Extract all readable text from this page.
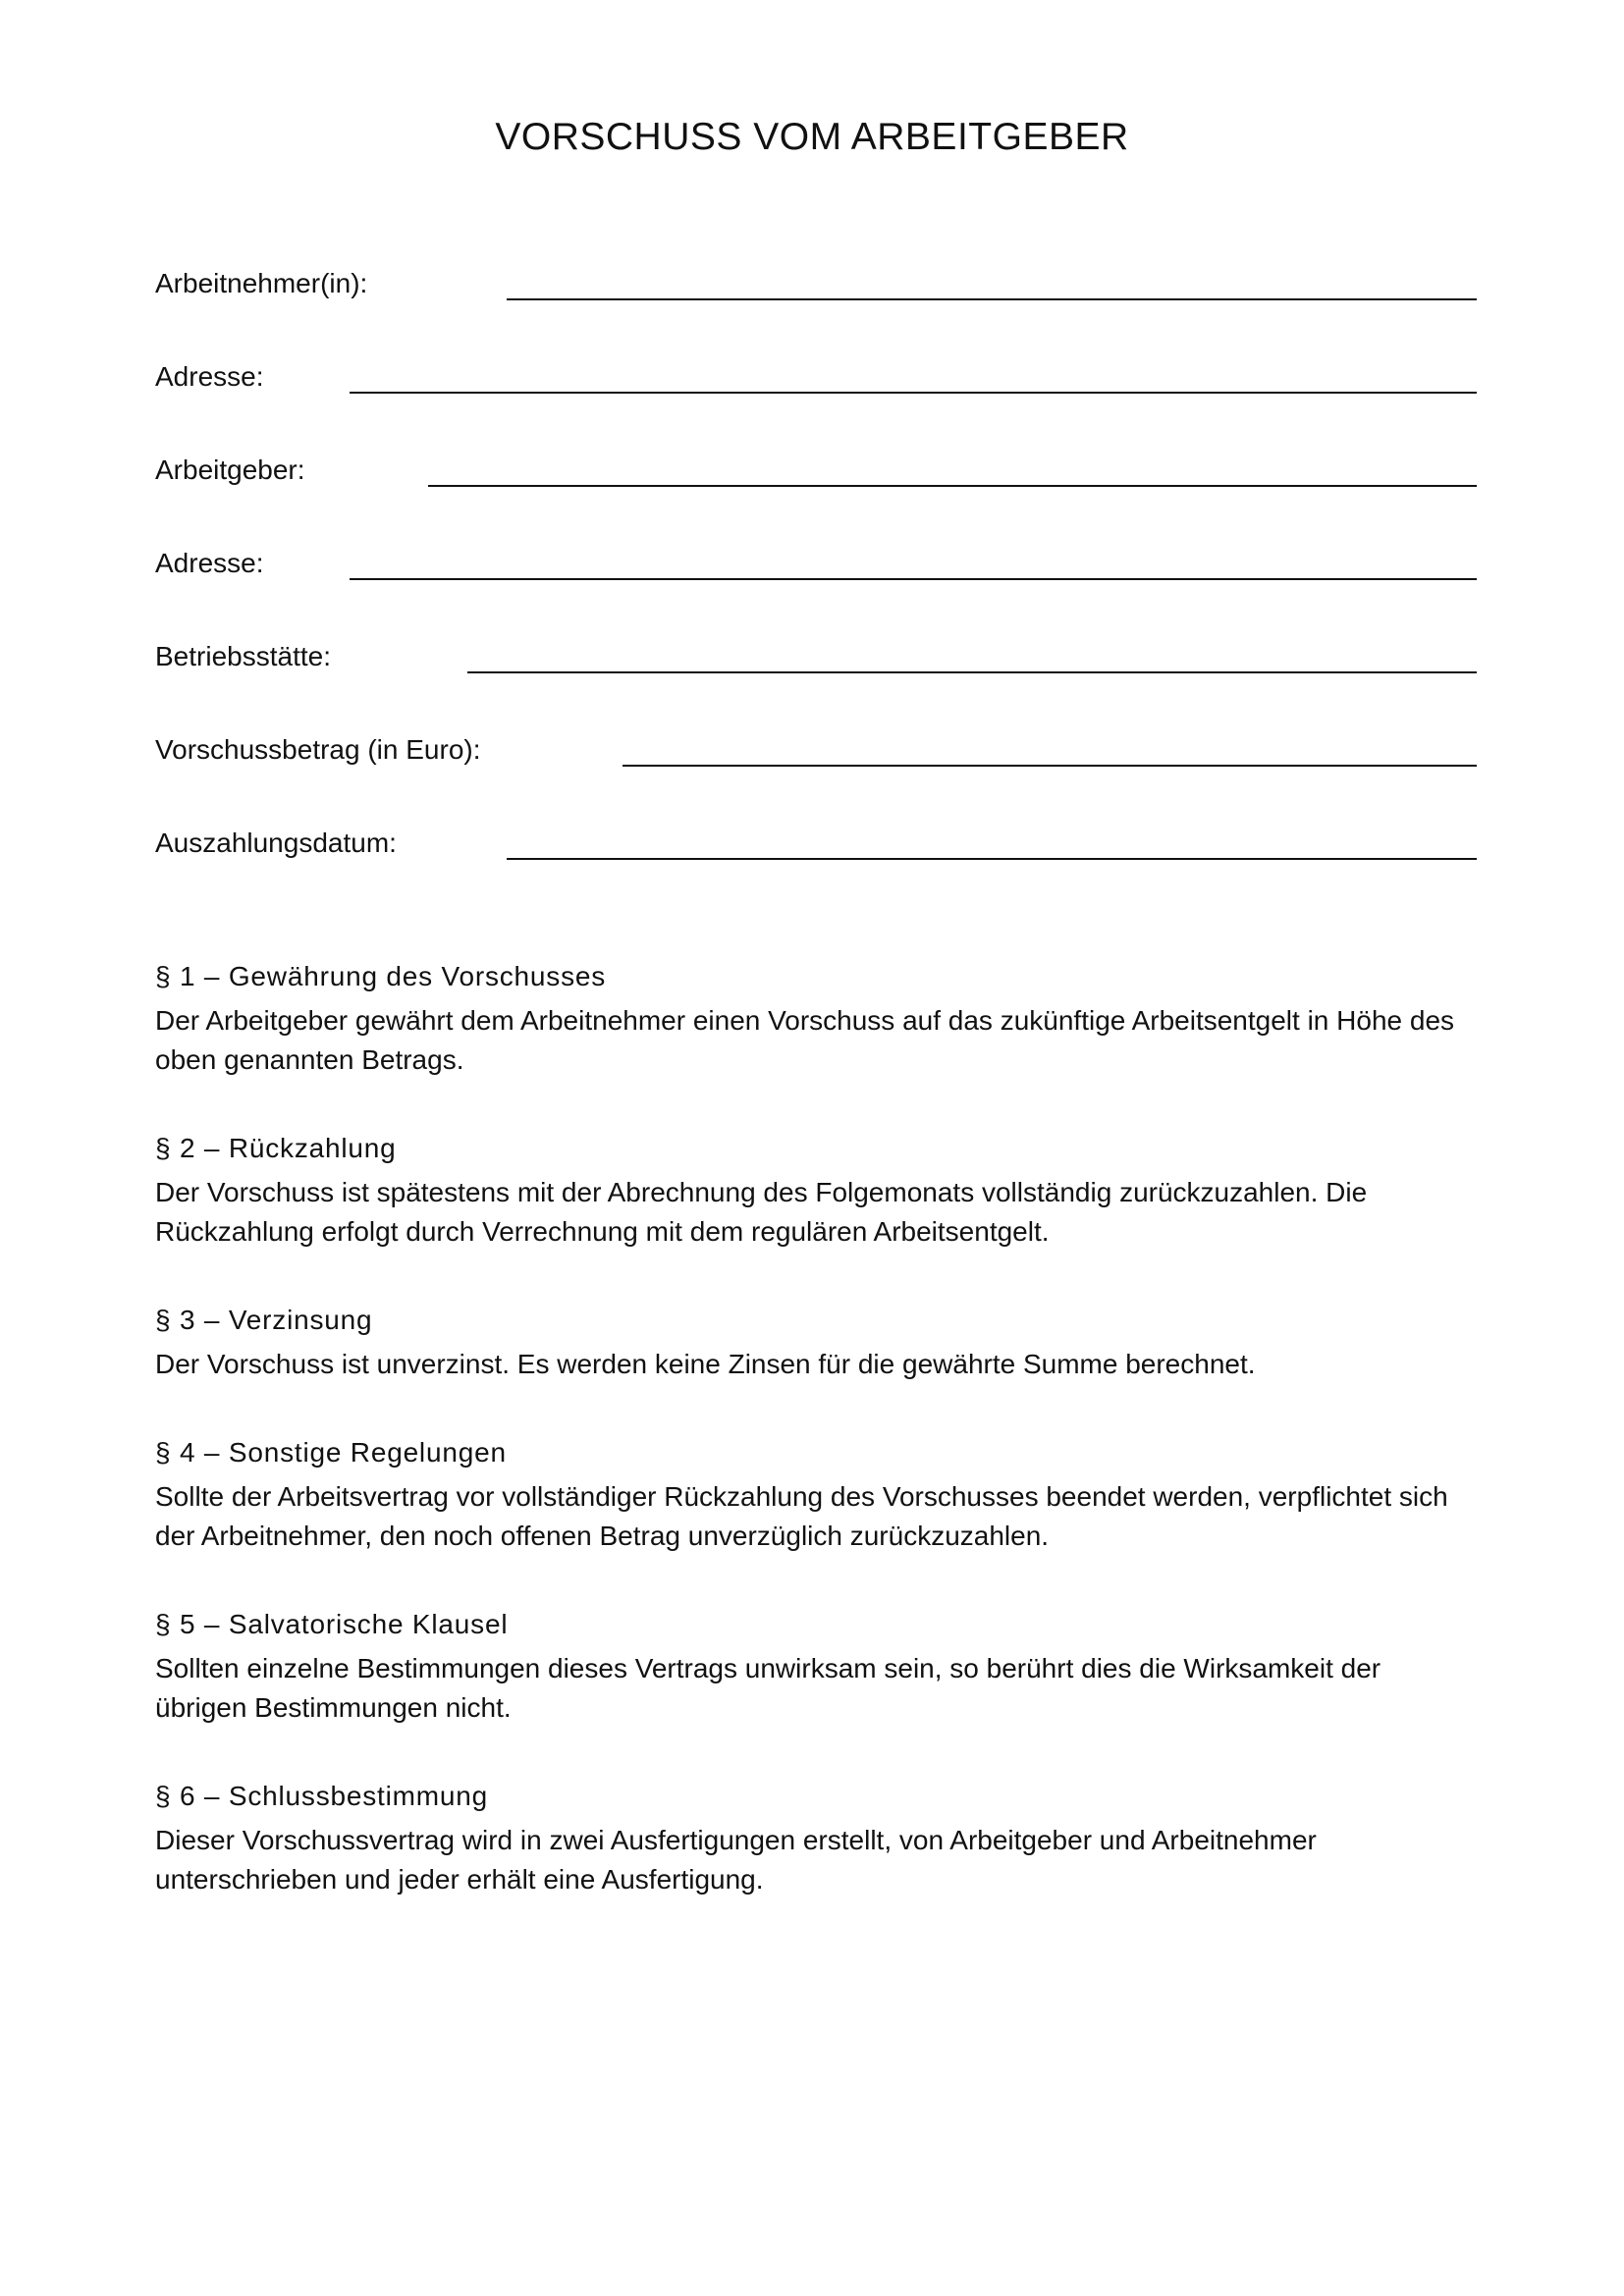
VORSCHUSS VOM ARBEITGEBER
Arbeitnehmer(in):
Adresse:
Arbeitgeber:
Adresse:
Betriebsstätte:
Vorschussbetrag (in Euro):
Auszahlungsdatum:
§ 1 – Gewährung des Vorschusses

Der Arbeitgeber gewährt dem Arbeitnehmer einen Vorschuss auf das zukünftige Arbeitsentgelt in Höhe des oben genannten Betrags.

§ 2 – Rückzahlung

Der Vorschuss ist spätestens mit der Abrechnung des Folgemonats vollständig zurückzuzahlen. Die Rückzahlung erfolgt durch Verrechnung mit dem regulären Arbeitsentgelt.

§ 3 – Verzinsung

Der Vorschuss ist unverzinst. Es werden keine Zinsen für die gewährte Summe berechnet.

§ 4 – Sonstige Regelungen

Sollte der Arbeitsvertrag vor vollständiger Rückzahlung des Vorschusses beendet werden, verpflichtet sich der Arbeitnehmer, den noch offenen Betrag unverzüglich zurückzuzahlen.

§ 5 – Salvatorische Klausel

Sollten einzelne Bestimmungen dieses Vertrags unwirksam sein, so berührt dies die Wirksamkeit der übrigen Bestimmungen nicht.

§ 6 – Schlussbestimmung

Dieser Vorschussvertrag wird in zwei Ausfertigungen erstellt, von Arbeitgeber und Arbeitnehmer unterschrieben und jeder erhält eine Ausfertigung.
